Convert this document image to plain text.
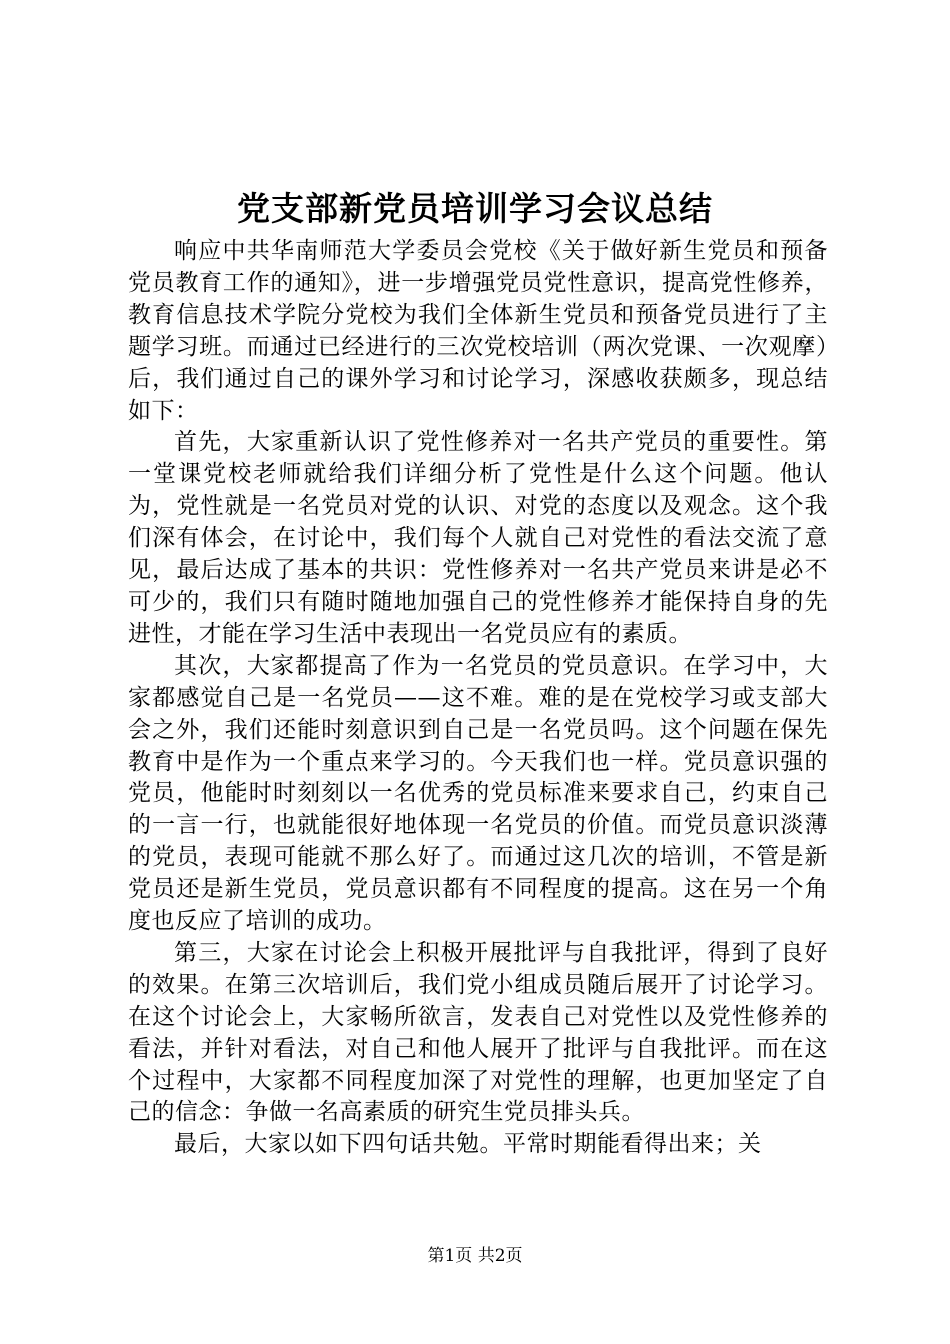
党支部新党员培训学习会议总结

响应中共华南师范大学委员会党校《关于做好新生党员和预备党员教育工作的通知》，进一步增强党员党性意识，提高党性修养，教育信息技术学院分党校为我们全体新生党员和预备党员进行了主题学习班。而通过已经进行的三次党校培训（两次党课、一次观摩）后，我们通过自己的课外学习和讨论学习，深感收获颇多，现总结如下：

首先，大家重新认识了党性修养对一名共产党员的重要性。第一堂课党校老师就给我们详细分析了党性是什么这个问题。他认为，党性就是一名党员对党的认识、对党的态度以及观念。这个我们深有体会，在讨论中，我们每个人就自己对党性的看法交流了意见，最后达成了基本的共识：党性修养对一名共产党员来讲是必不可少的，我们只有随时随地加强自己的党性修养才能保持自身的先进性，才能在学习生活中表现出一名党员应有的素质。

其次，大家都提高了作为一名党员的党员意识。在学习中，大家都感觉自己是一名党员——这不难。难的是在党校学习或支部大会之外，我们还能时刻意识到自己是一名党员吗。这个问题在保先教育中是作为一个重点来学习的。今天我们也一样。党员意识强的党员，他能时时刻刻以一名优秀的党员标准来要求自己，约束自己的一言一行，也就能很好地体现一名党员的价值。而党员意识淡薄的党员，表现可能就不那么好了。而通过这几次的培训，不管是新党员还是新生党员，党员意识都有不同程度的提高。这在另一个角度也反应了培训的成功。

第三，大家在讨论会上积极开展批评与自我批评，得到了良好的效果。在第三次培训后，我们党小组成员随后展开了讨论学习。在这个讨论会上，大家畅所欲言，发表自己对党性以及党性修养的看法，并针对看法，对自己和他人展开了批评与自我批评。而在这个过程中，大家都不同程度加深了对党性的理解，也更加坚定了自己的信念：争做一名高素质的研究生党员排头兵。

最后，大家以如下四句话共勉。平常时期能看得出来；关

第1页 共2页
